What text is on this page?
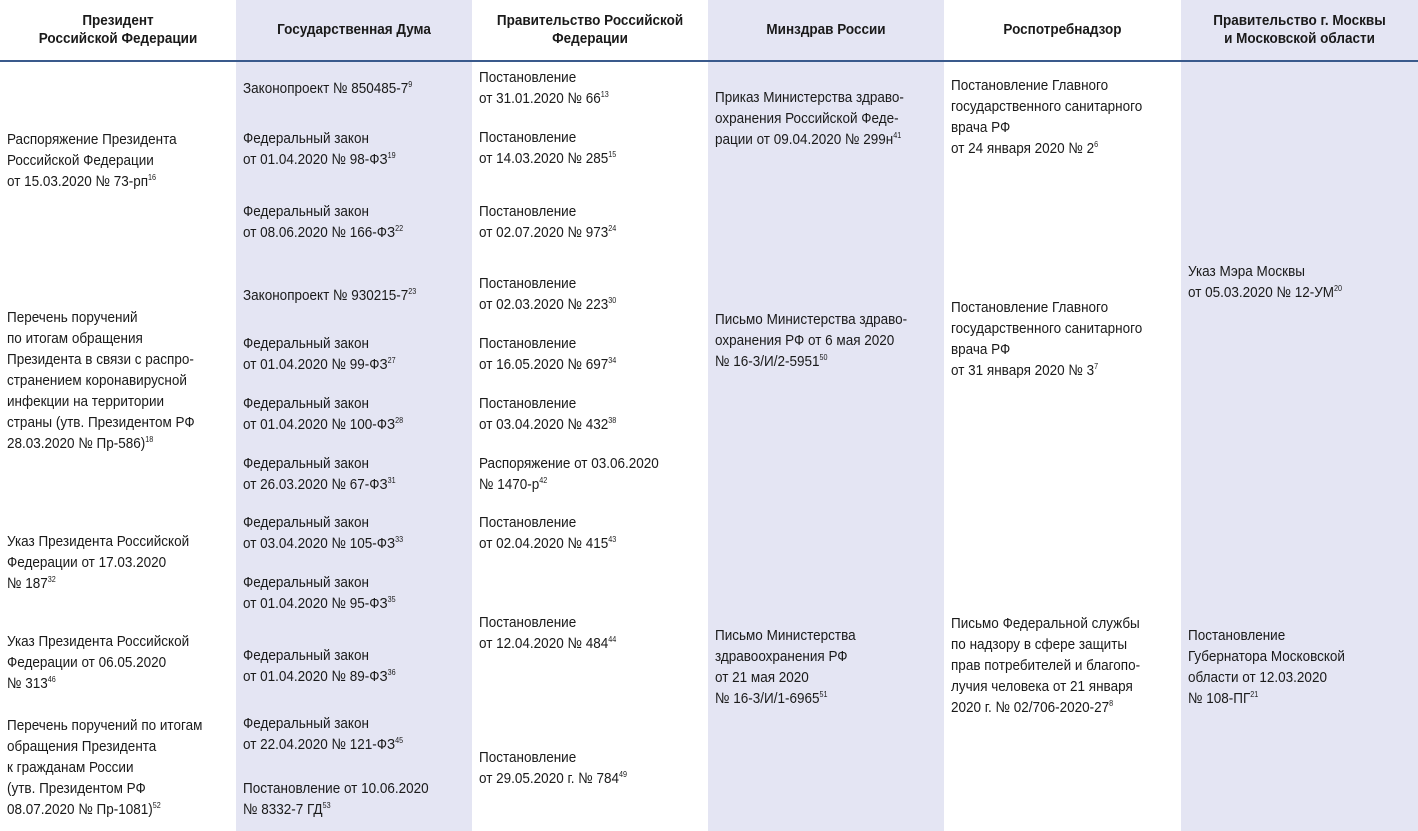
Президент
Российской Федерации
Распоряжение Президента
Российской Федерации
от 15.03.2020 № $73-рп^{16}$
Перечень поручений
по итогам обращения
Президента в связи с распро-
странением коронавирусной
инфекции на территории
страны (утв. Президентом РФ
28.03.2020 № Пр-586)$^{18}$
Указ Президента Российской
Федерации от 17.03.2020
№ $187^{32}$
Указ Президента Российской
Федерации от 06.05.2020
№ $313^{46}$
Перечень поручений по итогам
обращения Президента
к гражданам России
(утв. Президентом РФ
08.07.2020 № Пр-1081)$^{52}$
Государственная Дума
Законопроект № $850485-7^9$
Федеральный закон
от 01.04.2020 № 98-ФЗ$^{19}$
Федеральный закон
от 08.06.2020 № 166-ФЗ$^{22}$
Законопроект № $930215-7^{23}$
Федеральный закон
от 01.04.2020 № 99-ФЗ$^{27}$
Федеральный закон
от 01.04.2020 № 100-ФЗ$^{28}$
Федеральный закон
от 26.03.2020 № 67-ФЗ$^{31}$
Федеральный закон
от 03.04.2020 № 105-ФЗ$^{33}$
Федеральный закон
от 01.04.2020 № 95-ФЗ$^{35}$
Федеральный закон
от 01.04.2020 № 89-ФЗ$^{36}$
Федеральный закон
от 22.04.2020 № 121-ФЗ$^{45}$
Постановление от 10.06.2020
№ 8332-7 ГД$^{53}$
Правительство Российской
Федерации
Постановление
от 31.01.2020 № $66^{13}$
Постановление
от 14.03.2020 № $285^{15}$
Постановление
от 02.07.2020 № $973^{24}$
Постановление
от 02.03.2020 № $223^{30}$
Постановление
от 16.05.2020 № $697^{34}$
Постановление
от 03.04.2020 № $432^{38}$
Распоряжение от 03.06.2020
№ $1470-р^{42}$
Постановление
от 02.04.2020 № $415^{43}$
Постановление
от 12.04.2020 № $484^{44}$
Постановление
от 29.05.2020 г. № $784^{49}$
Минздрав России
Приказ Министерства здраво-
охранения Российской Феде-
рации от 09.04.2020 № $299н^{41}$
Письмо Министерства здраво-
охранения РФ от 6 мая 2020
№ 16-3/И/2-5951$^{50}$
Письмо Министерства
здравоохранения РФ
от 21 мая 2020
№ 16-3/И/1-6965$^{51}$
Роспотребнадзор
Постановление Главного
государственного санитарного
врача РФ
от 24 января 2020 № $2^6$
Постановление Главного
государственного санитарного
врача РФ
от 31 января 2020 № $3^7$
Письмо Федеральной службы
по надзору в сфере защиты
прав потребителей и благопо-
лучия человека от 21 января
2020 г. № $02/706-2020-27^8$
Правительство г. Москвы
и Московской области
Указ Мэра Москвы
от 05.03.2020 № 12-УМ$^{20}$
Постановление
Губернатора Московской
области от 12.03.2020
№ 108-ПГ$^{21}$
